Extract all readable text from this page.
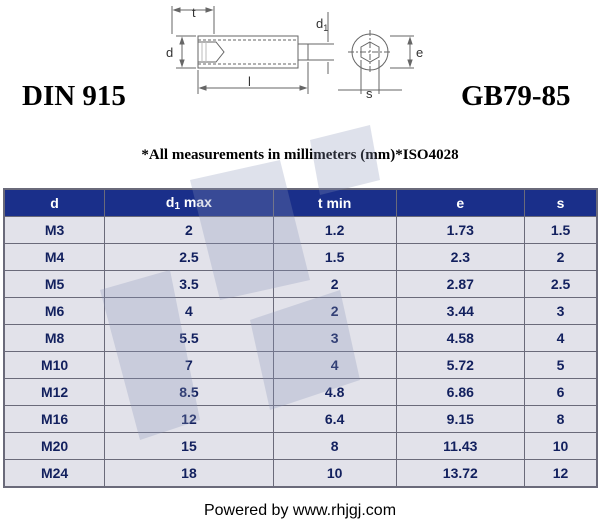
t
$d_1$
d
l
s
e
DIN 915	GB79-85
*All measurements in millimeters (mm)*ISO4028
d	$d_1$ max	t min	e	s
M3	2	1.2	1.73	1.5
M4	2.5	1.5	2.3	2
M5	3.5	2	2.87	2.5
M6	4	2	3.44	3
M8	5.5	3	4.58	4
M10	7	4	5.72	5
M12	8.5	4.8	6.86	6
M16	12	6.4	9.15	8
M20	15	8	11.43	10
M24	18	10	13.72	12
Powered by www.rhjgj.com
